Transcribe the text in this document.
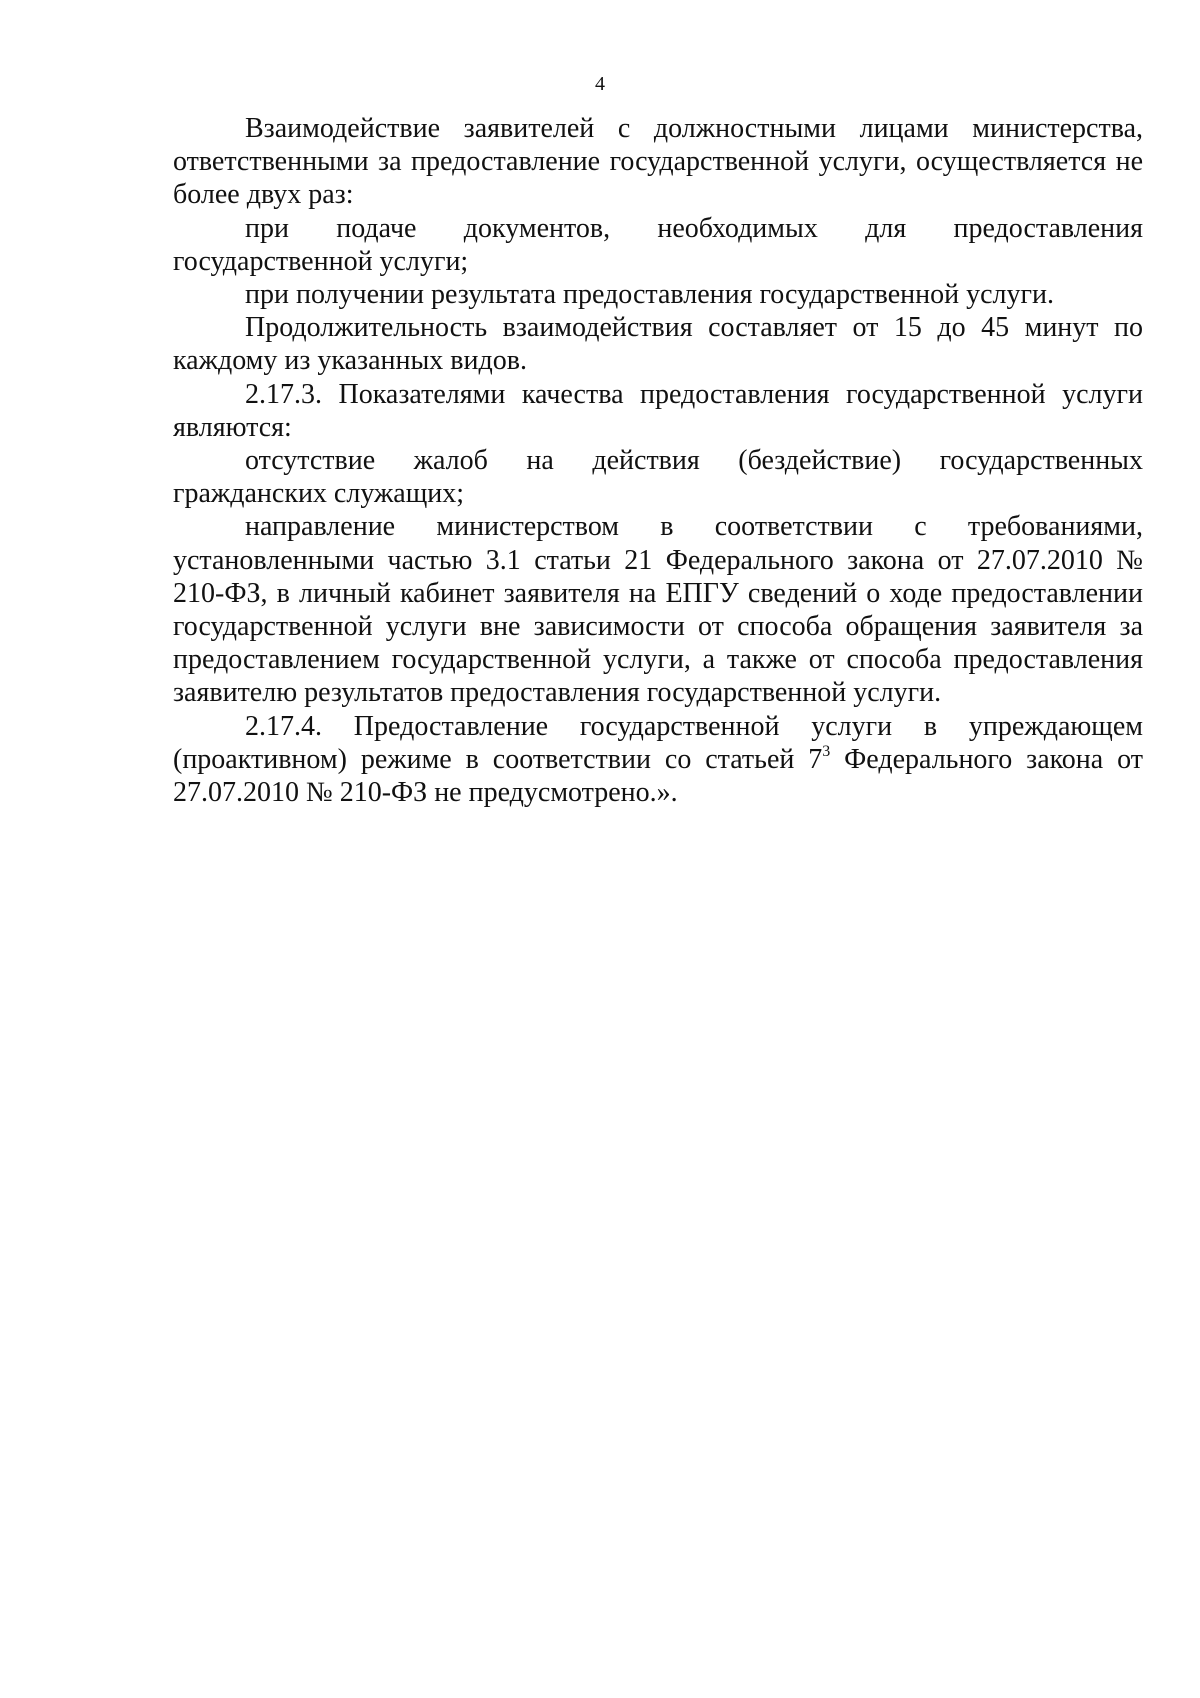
4

Взаимодействие заявителей с должностными лицами министерства, ответственными за предоставление государственной услуги, осуществляется не более двух раз:

при подаче документов, необходимых для предоставления государственной услуги;

при получении результата предоставления государственной услуги.

Продолжительность взаимодействия составляет от 15 до 45 минут по каждому из указанных видов.

2.17.3. Показателями качества предоставления государственной услуги являются:

отсутствие жалоб на действия (бездействие) государственных гражданских служащих;

направление министерством в соответствии с требованиями, установленными частью 3.1 статьи 21 Федерального закона от 27.07.2010 № 210-ФЗ, в личный кабинет заявителя на ЕПГУ сведений о ходе предоставлении государственной услуги вне зависимости от способа обращения заявителя за предоставлением государственной услуги, а также от способа предоставления заявителю результатов предоставления государственной услуги.

2.17.4. Предоставление государственной услуги в упреждающем (проактивном) режиме в соответствии со статьей $7^3$ Федерального закона от 27.07.2010 № 210-ФЗ не предусмотрено.».
